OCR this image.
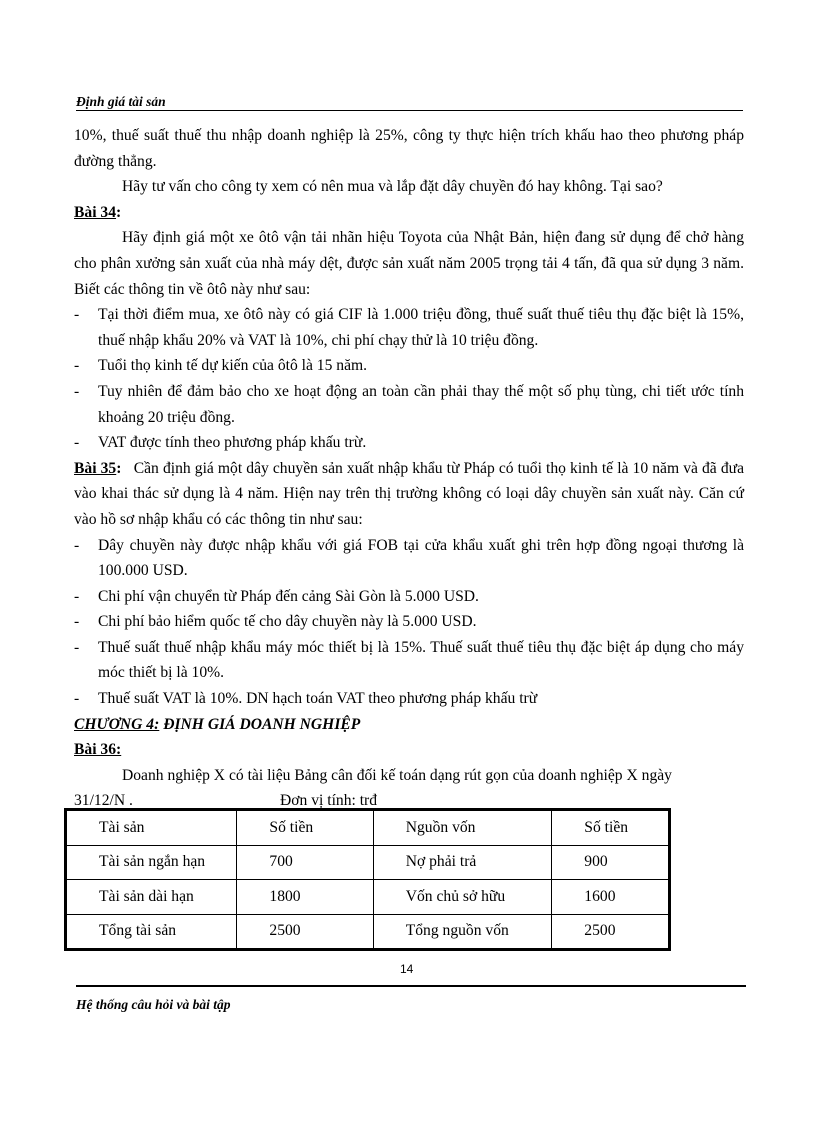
Định giá tài sản

10%, thuế suất thuế thu nhập doanh nghiệp là 25%, công ty thực hiện trích khấu hao theo phương pháp đường thẳng.

Hãy tư vấn cho công ty xem có nên mua và lắp đặt dây chuyền đó hay không. Tại sao?

Bài 34:

Hãy định giá một xe ôtô vận tải nhãn hiệu Toyota của Nhật Bản, hiện đang sử dụng để chở hàng cho phân xưởng sản xuất của nhà máy dệt, được sản xuất năm 2005 trọng tải 4 tấn, đã qua sử dụng 3 năm. Biết các thông tin về ôtô này như sau:

-	Tại thời điểm mua, xe ôtô này có giá CIF là 1.000 triệu đồng, thuế suất thuế tiêu thụ đặc biệt là 15%, thuế nhập khẩu 20% và VAT là 10%, chi phí chạy thử là 10 triệu đồng.
-	Tuổi thọ kinh tế dự kiến của ôtô là 15 năm.
-	Tuy nhiên để đảm bảo cho xe hoạt động an toàn cần phải thay thế một số phụ tùng, chi tiết ước tính khoảng 20 triệu đồng.
-	VAT được tính theo phương pháp khấu trừ.

Bài 35: Cần định giá một dây chuyền sản xuất nhập khẩu từ Pháp có tuổi thọ kinh tế là 10 năm và đã đưa vào khai thác sử dụng là 4 năm. Hiện nay trên thị trường không có loại dây chuyền sản xuất này. Căn cứ vào hồ sơ nhập khẩu có các thông tin như sau:

-	Dây chuyền này được nhập khẩu với giá FOB tại cửa khẩu xuất ghi trên hợp đồng ngoại thương là 100.000 USD.
-	Chi phí vận chuyển từ Pháp đến cảng Sài Gòn là 5.000 USD.
-	Chi phí bảo hiểm quốc tế cho dây chuyền này là 5.000 USD.
-	Thuế suất thuế nhập khẩu máy móc thiết bị là 15%. Thuế suất thuế tiêu thụ đặc biệt áp dụng cho máy móc thiết bị là 10%.
-	Thuế suất VAT là 10%. DN hạch toán VAT theo phương pháp khấu trừ

CHƯƠNG 4: ĐỊNH GIÁ DOANH NGHIỆP

Bài 36:

Doanh nghiệp X có tài liệu Bảng cân đối kế toán dạng rút gọn của doanh nghiệp X ngày

31/12/N .	Đơn vị tính: trđ
Tài sản	Số tiền	Nguồn vốn	Số tiền
Tài sản ngắn hạn	700	Nợ phải trả	900
Tài sản dài hạn	1800	Vốn chủ sở hữu	1600
Tổng tài sản	2500	Tổng nguồn vốn	2500
14
Hệ thống câu hỏi và bài tập
